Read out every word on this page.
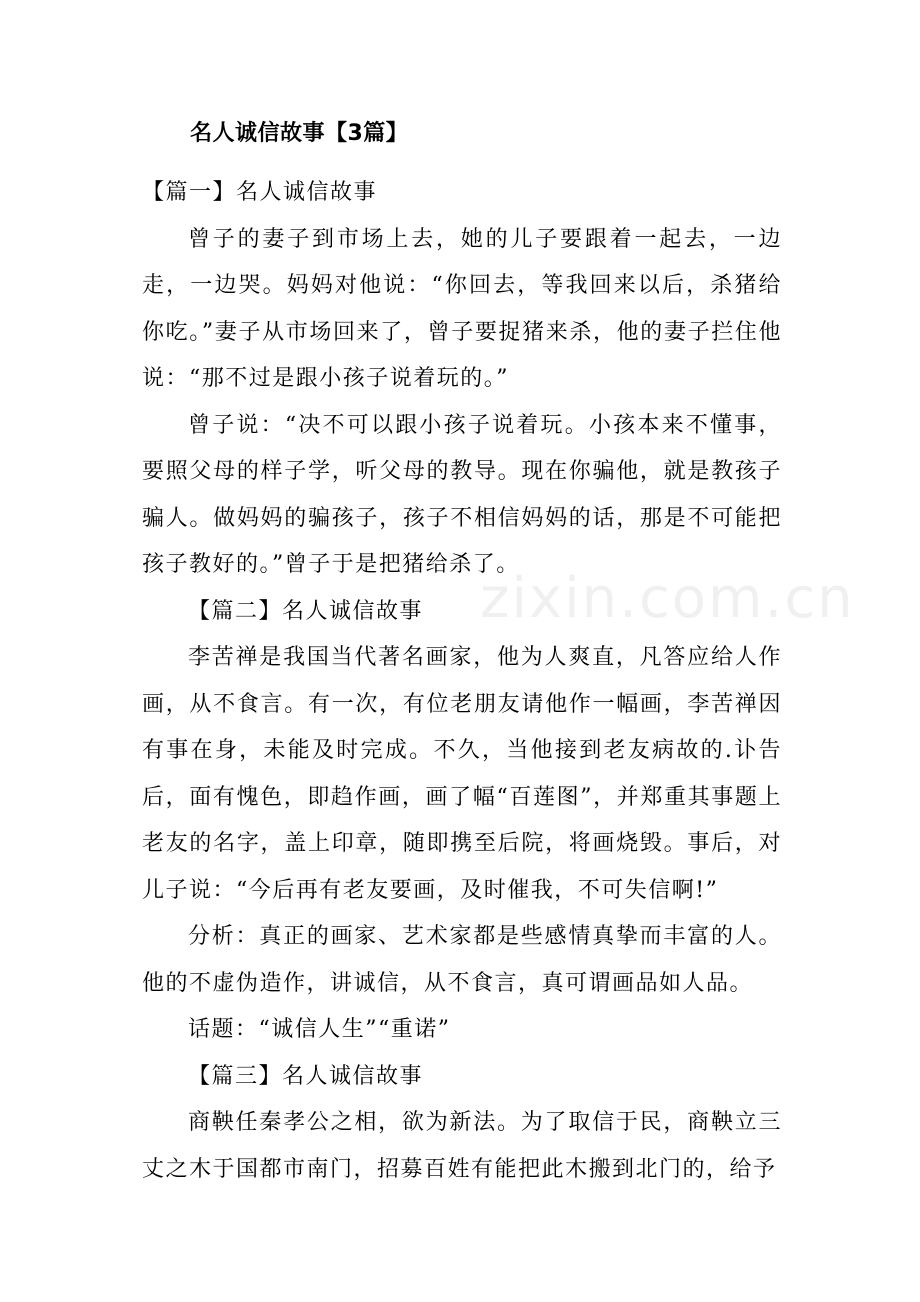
zixin.com.cn
名人诚信故事【3篇】

【篇一】名人诚信故事

曾子的妻子到市场上去，她的儿子要跟着一起去，一边走，一边哭。妈妈对他说：“你回去，等我回来以后，杀猪给你吃。”妻子从市场回来了，曾子要捉猪来杀，他的妻子拦住他说：“那不过是跟小孩子说着玩的。”

曾子说：“决不可以跟小孩子说着玩。小孩本来不懂事，要照父母的样子学，听父母的教导。现在你骗他，就是教孩子骗人。做妈妈的骗孩子，孩子不相信妈妈的话，那是不可能把孩子教好的。”曾子于是把猪给杀了。

【篇二】名人诚信故事

李苦禅是我国当代著名画家，他为人爽直，凡答应给人作画，从不食言。有一次，有位老朋友请他作一幅画，李苦禅因有事在身，未能及时完成。不久，当他接到老友病故的.讣告后，面有愧色，即趋作画，画了幅“百莲图”，并郑重其事题上老友的名字，盖上印章，随即携至后院，将画烧毁。事后，对儿子说：“今后再有老友要画，及时催我，不可失信啊!”

分析：真正的画家、艺术家都是些感情真挚而丰富的人。他的不虚伪造作，讲诚信，从不食言，真可谓画品如人品。

话题：“诚信人生”“重诺”

【篇三】名人诚信故事

商鞅任秦孝公之相，欲为新法。为了取信于民，商鞅立三丈之木于国都市南门，招募百姓有能把此木搬到北门的，给予
